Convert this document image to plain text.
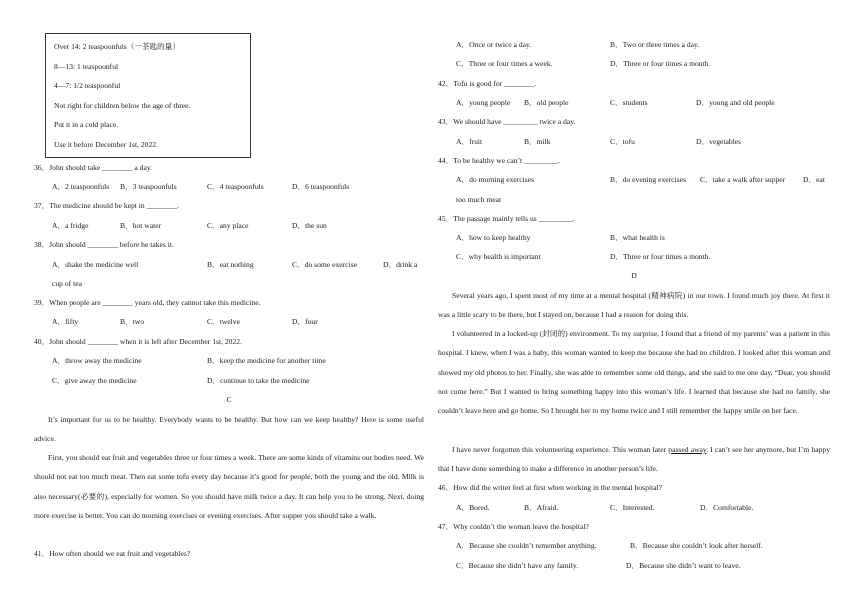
Over 14: 2 teaspoonfuls（一茶匙的量）
8—13: 1 teaspoonful
4—7: 1/2 teaspoonful
Not right for children below the age of three.
Put it in a cold place.
Use it before December 1st, 2022.
36．John should take ________ a day.
A．2 teaspoonfuls B．3 teaspoonfuls	C．4 teaspoonfuls	D．6 teaspoonfuls
37．The medicine should be kept in ________.
A．a fridge	B．hot water	C．any place	D．the sun
38．John should ________ before he takes it.
A．shake the medicine well	B．eat nothing	C．do some exercise	D．drink a
cup of tea
39．When people are ________ years old, they cannot take this medicine.
A．fifty	B．two	C．twelve	D．four
40．John should ________ when it is left after December 1st, 2022.
A．throw away the medicine	B．keep the medicine for another time
C．give away the medicine	D．continue to take the medicine
C
It’s important for us to be healthy. Everybody wants to be healthy. But how can we keep healthy? Here is some useful advice.
First, you should eat fruit and vegetables three or four times a week. There are some kinds of vitamins our bodies need. We should not eat too much meat. Then eat some tofu every day because it’s good for people, both the young and the old. Milk is also necessary(必要的), especially for women. So you should have milk twice a day. It can help you to be strong. Next, doing more exercise is better. You can do morning exercises or evening exercises. After supper you should take a walk.
41．How often should we eat fruit and vegetables?
A．Once or twice a day.	B．Two or three times a day.
C．Three or four times a week.	D．Three or four times a month.
42．Tofu is good for ________.
A．young people B．old people	C．students	D．young and old people
43．We should have _________ twice a day.
A．fruit	B．milk	C．tofu	D．vegetables
44．To be healthy we can’t _________.
A．do morning exercises	B．do evening exercises C．take a walk after supper D．eat
too much meat
45．The passage mainly tells us _________.
A．how to keep healthy	B．what health is
C．why health is important	D．Three or four times a month.
D
Several years ago, I spent most of my time at a mental hospital (精神病院) in our town. I found much joy there. At first it was a little scary to be there, but I stayed on, because I had a reason for doing this.
I volunteered in a locked-up (封闭的) environment. To my surprise, I found that a friend of my parents’ was a patient in this hospital. I knew, when I was a baby, this woman wanted to keep me because she had no children. I looked after this woman and showed my old photos to her. Finally, she was able to remember some old things, and she said to me one day, “Dear, you should not come here.” But I wanted to bring something happy into this woman’s life. I learned that because she had no family, she couldn’t leave here and go home. So I brought her to my home twice and I still remember the happy smile on her face.
I have never forgotten this volunteering experience. This woman later passed away. I can’t see her anymore, but I’m happy that I have done something to make a difference in another person’s life.
46．How did the writer feel at first when working in the mental hospital?
A．Bored.	B．Afraid.	C．Interested.	D．Comfortable.
47．Why couldn’t the woman leave the hospital?
A．Because she couldn’t remember anything.	B．Because she couldn’t look after herself.
C．Because she didn’t have any family.	D．Because she didn’t want to leave.
